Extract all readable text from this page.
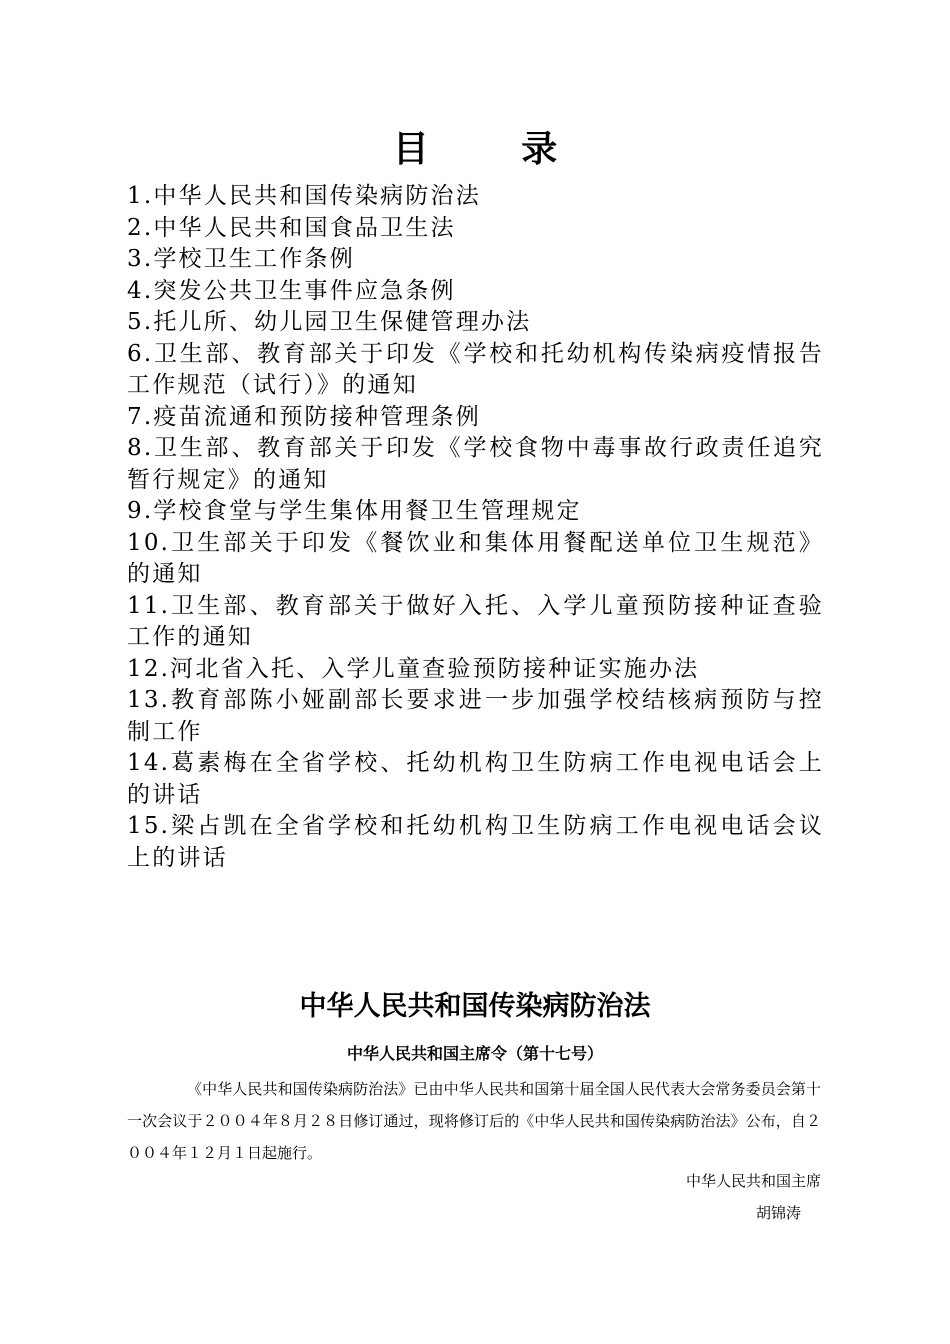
目 录
1.中华人民共和国传染病防治法
2.中华人民共和国食品卫生法
3.学校卫生工作条例
4.突发公共卫生事件应急条例
5.托儿所、幼儿园卫生保健管理办法
6.卫生部、教育部关于印发《学校和托幼机构传染病疫情报告工作规范（试行）》的通知
7.疫苗流通和预防接种管理条例
8.卫生部、教育部关于印发《学校食物中毒事故行政责任追究暂行规定》的通知
9.学校食堂与学生集体用餐卫生管理规定
10.卫生部关于印发《餐饮业和集体用餐配送单位卫生规范》的通知
11.卫生部、教育部关于做好入托、入学儿童预防接种证查验工作的通知
12.河北省入托、入学儿童查验预防接种证实施办法
13.教育部陈小娅副部长要求进一步加强学校结核病预防与控制工作
14.葛素梅在全省学校、托幼机构卫生防病工作电视电话会上的讲话
15.梁占凯在全省学校和托幼机构卫生防病工作电视电话会议上的讲话
中华人民共和国传染病防治法
中华人民共和国主席令（第十七号）

《中华人民共和国传染病防治法》已由中华人民共和国第十届全国人民代表大会常务委员会第十一次会议于２００４年８月２８日修订通过，现将修订后的《中华人民共和国传染病防治法》公布，自２００４年１２月１日起施行。

中华人民共和国主席
胡锦涛
